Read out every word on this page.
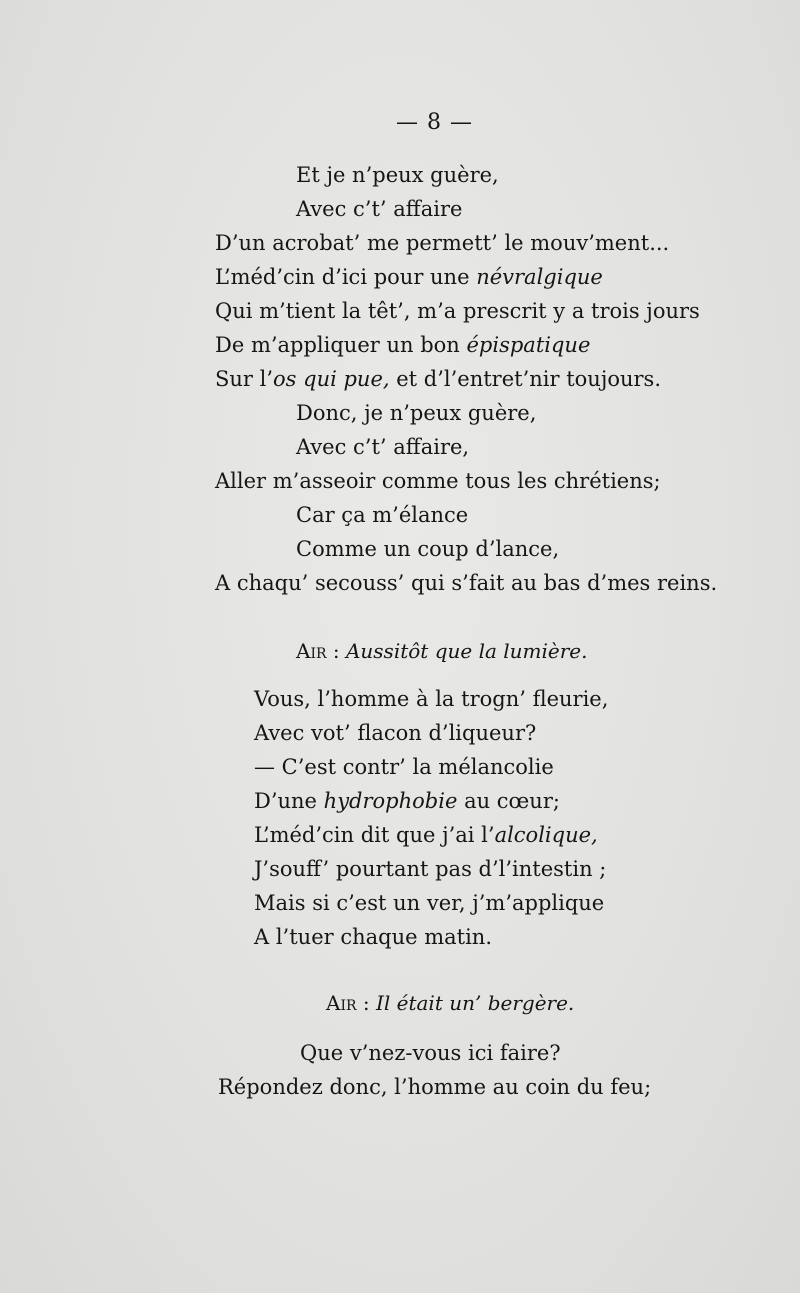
— 8 —

Et je n’peux guère,

Avec c’t’ affaire

D’un acrobat’ me permett’ le mouv’ment...

L’méd’cin d’ici pour une névralgique

Qui m’tient la têt’, m’a prescrit y a trois jours

De m’appliquer un bon épispatique

Sur l’os qui pue, et d’l’entret’nir toujours.

Donc, je n’peux guère,

Avec c’t’ affaire,

Aller m’asseoir comme tous les chrétiens;

Car ça m’élance

Comme un coup d’lance,

A chaqu’ secouss’ qui s’fait au bas d’mes reins.

Air : Aussitôt que la lumière.

Vous, l’homme à la trogn’ fleurie,

Avec vot’ flacon d’liqueur?

— C’est contr’ la mélancolie

D’une hydrophobie au cœur;

L’méd’cin dit que j’ai l’alcolique,

J’souff’ pourtant pas d’l’intestin ;

Mais si c’est un ver, j’m’applique

A l’tuer chaque matin.

Air : Il était un’ bergère.

Que v’nez-vous ici faire?

Répondez donc, l’homme au coin du feu;
